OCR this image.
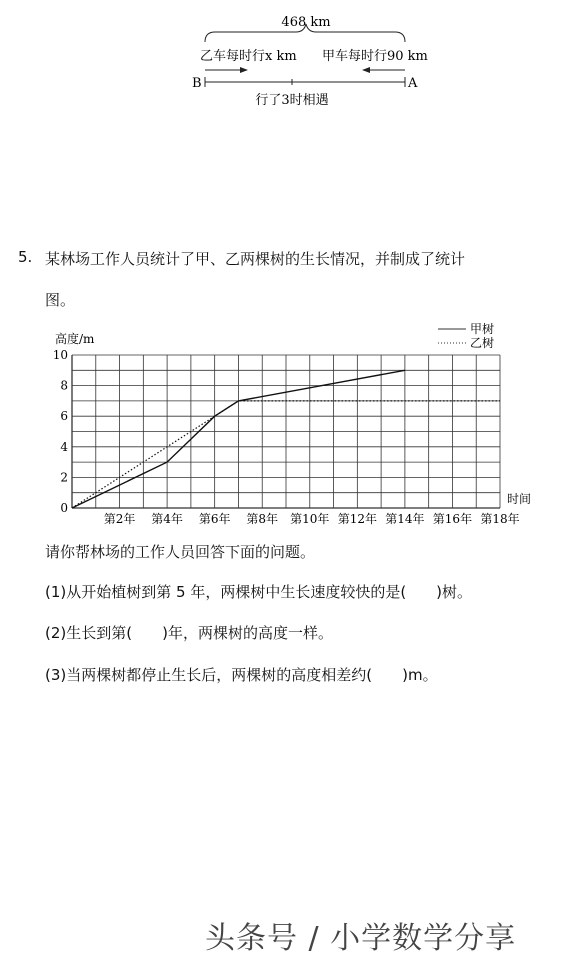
468 km
乙车每时行x km 甲车每时行90 km
B	A
行了3时相遇
5. 某林场工作人员统计了甲、乙两棵树的生长情况，并制成了统计
图。
0
2
4
6
8
10
第2年 第4年 第6年 第8年 第10年 第12年 第14年 第16年 第18年
高度/m
时间
甲树
乙树
请你帮林场的工作人员回答下面的问题。
(1)从开始植树到第 5 年，两棵树中生长速度较快的是(　　)树。
(2)生长到第(　　)年，两棵树的高度一样。
(3)当两棵树都停止生长后，两棵树的高度相差约(　　)m。
头条号 / 小学数学分享
